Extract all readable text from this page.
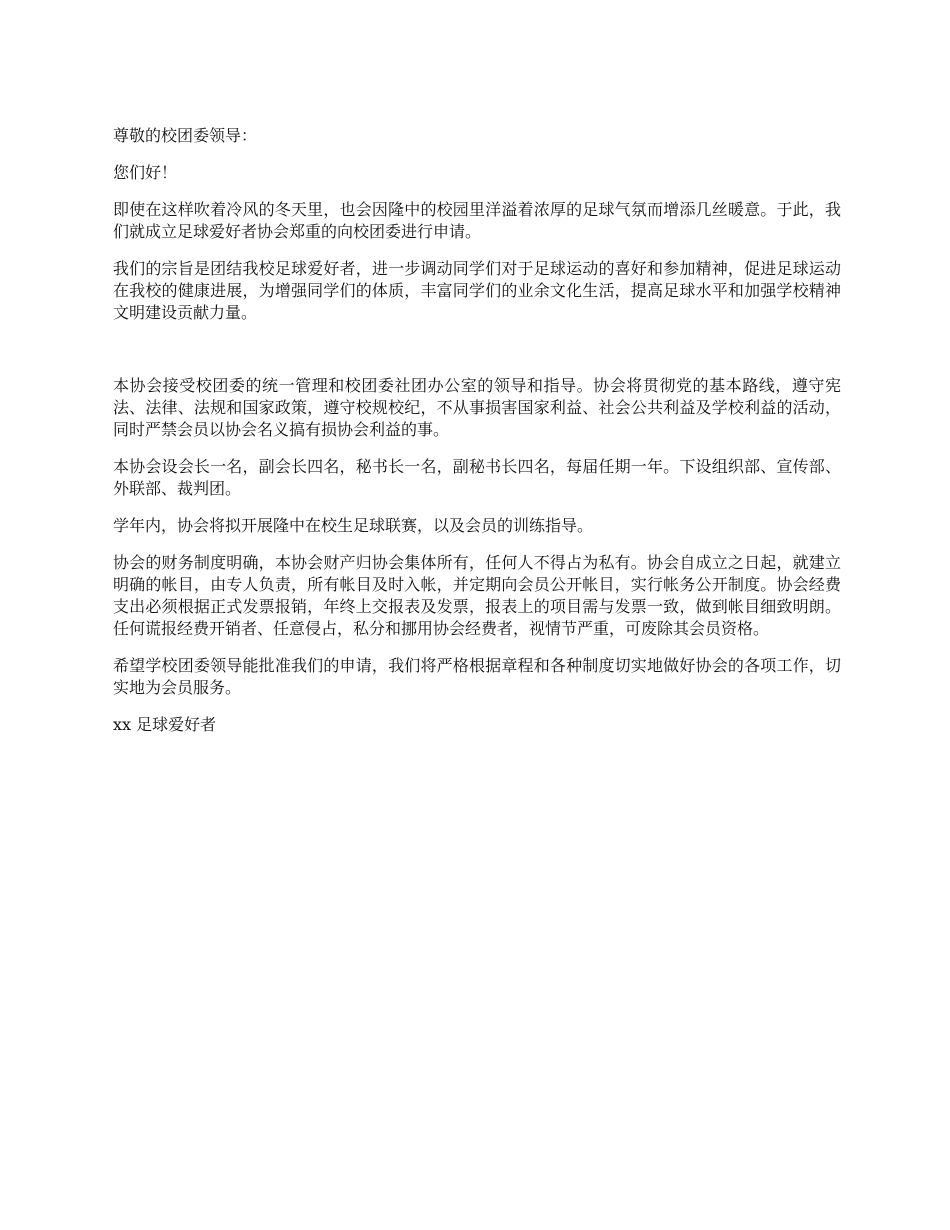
尊敬的校团委领导：

您们好！

即使在这样吹着冷风的冬天里，也会因隆中的校园里洋溢着浓厚的足球气氛而增添几丝暖意。于此，我们就成立足球爱好者协会郑重的向校团委进行申请。

我们的宗旨是团结我校足球爱好者，进一步调动同学们对于足球运动的喜好和参加精神，促进足球运动在我校的健康进展，为增强同学们的体质，丰富同学们的业余文化生活，提高足球水平和加强学校精神文明建设贡献力量。

本协会接受校团委的统一管理和校团委社团办公室的领导和指导。协会将贯彻党的基本路线，遵守宪法、法律、法规和国家政策，遵守校规校纪，不从事损害国家利益、社会公共利益及学校利益的活动，同时严禁会员以协会名义搞有损协会利益的事。

本协会设会长一名，副会长四名，秘书长一名，副秘书长四名，每届任期一年。下设组织部、宣传部、外联部、裁判团。

学年内，协会将拟开展隆中在校生足球联赛，以及会员的训练指导。

协会的财务制度明确，本协会财产归协会集体所有，任何人不得占为私有。协会自成立之日起，就建立明确的帐目，由专人负责，所有帐目及时入帐，并定期向会员公开帐目，实行帐务公开制度。协会经费支出必须根据正式发票报销，年终上交报表及发票，报表上的项目需与发票一致，做到帐目细致明朗。任何谎报经费开销者、任意侵占，私分和挪用协会经费者，视情节严重，可废除其会员资格。

希望学校团委领导能批准我们的申请，我们将严格根据章程和各种制度切实地做好协会的各项工作，切实地为会员服务。

xx 足球爱好者
